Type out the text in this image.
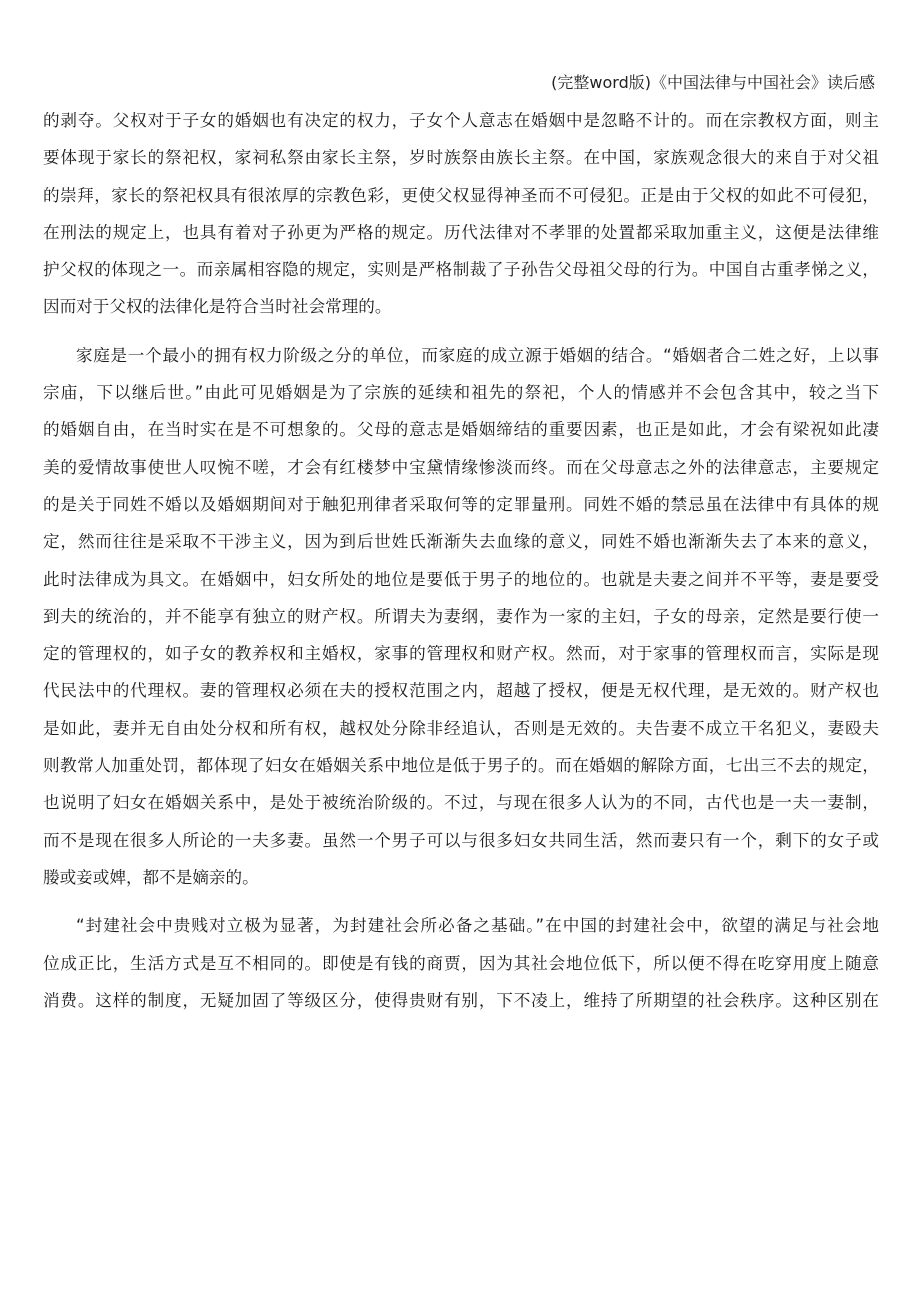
(完整word版)《中国法律与中国社会》读后感
的剥夺。父权对于子女的婚姻也有决定的权力，子女个人意志在婚姻中是忽略不计的。而在宗教权方面，则主
要体现于家长的祭祀权，家祠私祭由家长主祭，岁时族祭由族长主祭。在中国，家族观念很大的来自于对父祖
的崇拜，家长的祭祀权具有很浓厚的宗教色彩，更使父权显得神圣而不可侵犯。正是由于父权的如此不可侵犯，
在刑法的规定上，也具有着对子孙更为严格的规定。历代法律对不孝罪的处置都采取加重主义，这便是法律维
护父权的体现之一。而亲属相容隐的规定，实则是严格制裁了子孙告父母祖父母的行为。中国自古重孝悌之义，
因而对于父权的法律化是符合当时社会常理的。
家庭是一个最小的拥有权力阶级之分的单位，而家庭的成立源于婚姻的结合。“婚姻者合二姓之好，上以事
宗庙，下以继后世。”由此可见婚姻是为了宗族的延续和祖先的祭祀，个人的情感并不会包含其中，较之当下
的婚姻自由，在当时实在是不可想象的。父母的意志是婚姻缔结的重要因素，也正是如此，才会有梁祝如此凄
美的爱情故事使世人叹惋不嗟，才会有红楼梦中宝黛情缘惨淡而终。而在父母意志之外的法律意志，主要规定
的是关于同姓不婚以及婚姻期间对于触犯刑律者采取何等的定罪量刑。同姓不婚的禁忌虽在法律中有具体的规
定，然而往往是采取不干涉主义，因为到后世姓氏渐渐失去血缘的意义，同姓不婚也渐渐失去了本来的意义，
此时法律成为具文。在婚姻中，妇女所处的地位是要低于男子的地位的。也就是夫妻之间并不平等，妻是要受
到夫的统治的，并不能享有独立的财产权。所谓夫为妻纲，妻作为一家的主妇，子女的母亲，定然是要行使一
定的管理权的，如子女的教养权和主婚权，家事的管理权和财产权。然而，对于家事的管理权而言，实际是现
代民法中的代理权。妻的管理权必须在夫的授权范围之内，超越了授权，便是无权代理，是无效的。财产权也
是如此，妻并无自由处分权和所有权，越权处分除非经追认，否则是无效的。夫告妻不成立干名犯义，妻殴夫
则教常人加重处罚，都体现了妇女在婚姻关系中地位是低于男子的。而在婚姻的解除方面，七出三不去的规定，
也说明了妇女在婚姻关系中，是处于被统治阶级的。不过，与现在很多人认为的不同，古代也是一夫一妻制，
而不是现在很多人所论的一夫多妻。虽然一个男子可以与很多妇女共同生活，然而妻只有一个，剩下的女子或
媵或妾或婢，都不是嫡亲的。
“封建社会中贵贱对立极为显著，为封建社会所必备之基础。”在中国的封建社会中，欲望的满足与社会地
位成正比，生活方式是互不相同的。即使是有钱的商贾，因为其社会地位低下，所以便不得在吃穿用度上随意
消费。这样的制度，无疑加固了等级区分，使得贵财有别，下不凌上，维持了所期望的社会秩序。这种区别在
